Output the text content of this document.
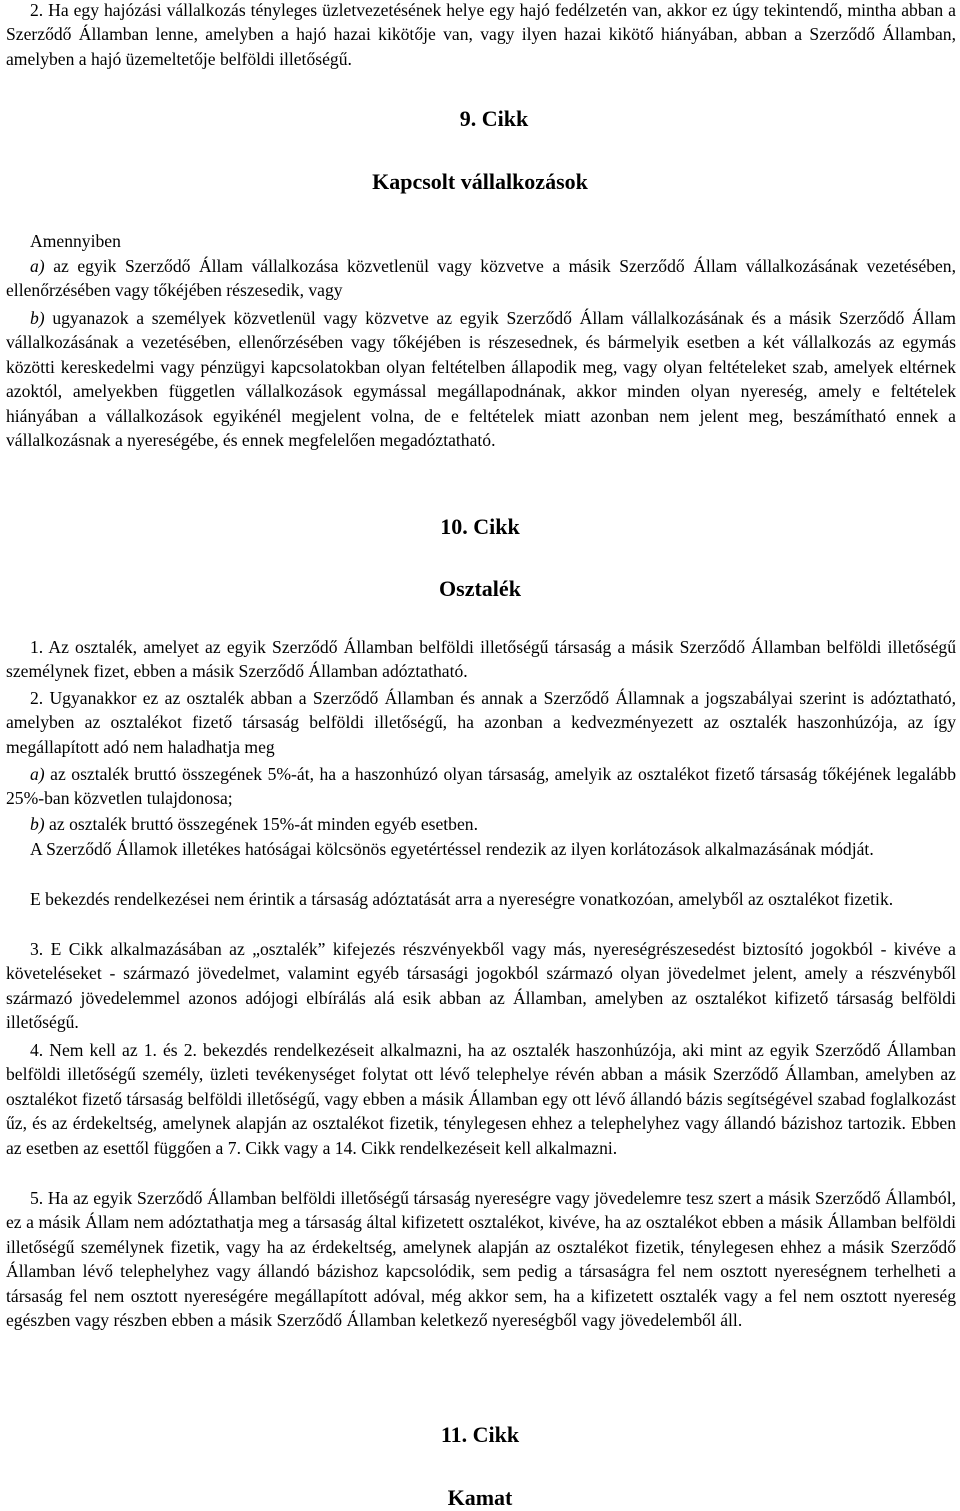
2. Ha egy hajózási vállalkozás tényleges üzletvezetésének helye egy hajó fedélzetén van, akkor ez úgy tekintendő, mintha abban a Szerződő Államban lenne, amelyben a hajó hazai kikötője van, vagy ilyen hazai kikötő hiányában, abban a Szerződő Államban, amelyben a hajó üzemeltetője belföldi illetőségű.

9. Cikk
Kapcsolt vállalkozások

Amennyiben

a) az egyik Szerződő Állam vállalkozása közvetlenül vagy közvetve a másik Szerződő Állam vállalkozásának vezetésében, ellenőrzésében vagy tőkéjében részesedik, vagy

b) ugyanazok a személyek közvetlenül vagy közvetve az egyik Szerződő Állam vállalkozásának és a másik Szerződő Állam vállalkozásának a vezetésében, ellenőrzésében vagy tőkéjében is részesednek, és bármelyik esetben a két vállalkozás az egymás közötti kereskedelmi vagy pénzügyi kapcsolatokban olyan feltételben állapodik meg, vagy olyan feltételeket szab, amelyek eltérnek azoktól, amelyekben független vállalkozások egymással megállapodnának, akkor minden olyan nyereség, amely e feltételek hiányában a vállalkozások egyikénél megjelent volna, de e feltételek miatt azonban nem jelent meg, beszámítható ennek a vállalkozásnak a nyereségébe, és ennek megfelelően megadóztatható.

10. Cikk
Osztalék

1. Az osztalék, amelyet az egyik Szerződő Államban belföldi illetőségű társaság a másik Szerződő Államban belföldi illetőségű személynek fizet, ebben a másik Szerződő Államban adóztatható.

2. Ugyanakkor ez az osztalék abban a Szerződő Államban és annak a Szerződő Államnak a jogszabályai szerint is adóztatható, amelyben az osztalékot fizető társaság belföldi illetőségű, ha azonban a kedvezményezett az osztalék haszonhúzója, az így megállapított adó nem haladhatja meg

a) az osztalék bruttó összegének 5%-át, ha a haszonhúzó olyan társaság, amelyik az osztalékot fizető társaság tőkéjének legalább 25%-ban közvetlen tulajdonosa;

b) az osztalék bruttó összegének 15%-át minden egyéb esetben.

A Szerződő Államok illetékes hatóságai kölcsönös egyetértéssel rendezik az ilyen korlátozások alkalmazásának módját.

E bekezdés rendelkezései nem érintik a társaság adóztatását arra a nyereségre vonatkozóan, amelyből az osztalékot fizetik.

3. E Cikk alkalmazásában az „osztalék” kifejezés részvényekből vagy más, nyereségrészesedést biztosító jogokból - kivéve a követeléseket - származó jövedelmet, valamint egyéb társasági jogokból származó olyan jövedelmet jelent, amely a részvényből származó jövedelemmel azonos adójogi elbírálás alá esik abban az Államban, amelyben az osztalékot kifizető társaság belföldi illetőségű.

4. Nem kell az 1. és 2. bekezdés rendelkezéseit alkalmazni, ha az osztalék haszonhúzója, aki mint az egyik Szerződő Államban belföldi illetőségű személy, üzleti tevékenységet folytat ott lévő telephelye révén abban a másik Szerződő Államban, amelyben az osztalékot fizető társaság belföldi illetőségű, vagy ebben a másik Államban egy ott lévő állandó bázis segítségével szabad foglalkozást űz, és az érdekeltség, amelynek alapján az osztalékot fizetik, ténylegesen ehhez a telephelyhez vagy állandó bázishoz tartozik. Ebben az esetben az esettől függően a 7. Cikk vagy a 14. Cikk rendelkezéseit kell alkalmazni.

5. Ha az egyik Szerződő Államban belföldi illetőségű társaság nyereségre vagy jövedelemre tesz szert a másik Szerződő Államból, ez a másik Állam nem adóztathatja meg a társaság által kifizetett osztalékot, kivéve, ha az osztalékot ebben a másik Államban belföldi illetőségű személynek fizetik, vagy ha az érdekeltség, amelynek alapján az osztalékot fizetik, ténylegesen ehhez a másik Szerződő Államban lévő telephelyhez vagy állandó bázishoz kapcsolódik, sem pedig a társaságra fel nem osztott nyereségnem terhelheti a társaság fel nem osztott nyereségére megállapított adóval, még akkor sem, ha a kifizetett osztalék vagy a fel nem osztott nyereség egészben vagy részben ebben a másik Szerződő Államban keletkező nyereségből vagy jövedelemből áll.

11. Cikk
Kamat
